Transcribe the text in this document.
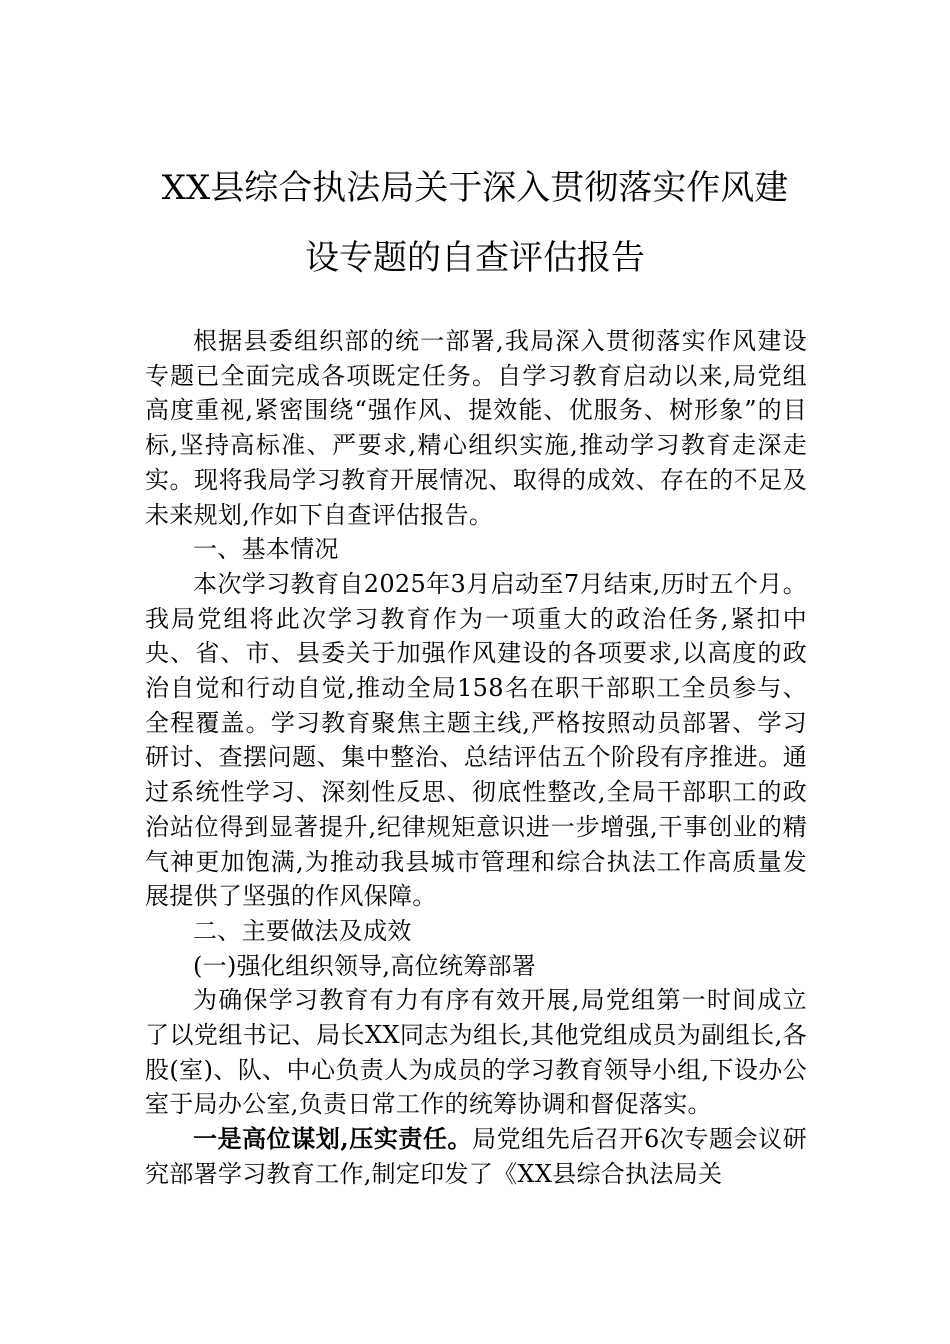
XX县综合执法局关于深入贯彻落实作风建
设专题的自查评估报告

根据县委组织部的统一部署,我局深入贯彻落实作风建设专题已全面完成各项既定任务。自学习教育启动以来,局党组高度重视,紧密围绕“强作风、提效能、优服务、树形象”的目标,坚持高标准、严要求,精心组织实施,推动学习教育走深走实。现将我局学习教育开展情况、取得的成效、存在的不足及未来规划,作如下自查评估报告。

一、基本情况

本次学习教育自2025年3月启动至7月结束,历时五个月。我局党组将此次学习教育作为一项重大的政治任务,紧扣中央、省、市、县委关于加强作风建设的各项要求,以高度的政治自觉和行动自觉,推动全局158名在职干部职工全员参与、全程覆盖。学习教育聚焦主题主线,严格按照动员部署、学习研讨、查摆问题、集中整治、总结评估五个阶段有序推进。通过系统性学习、深刻性反思、彻底性整改,全局干部职工的政治站位得到显著提升,纪律规矩意识进一步增强,干事创业的精气神更加饱满,为推动我县城市管理和综合执法工作高质量发展提供了坚强的作风保障。

二、主要做法及成效

(一)强化组织领导,高位统筹部署

为确保学习教育有力有序有效开展,局党组第一时间成立了以党组书记、局长XX同志为组长,其他党组成员为副组长,各股(室)、队、中心负责人为成员的学习教育领导小组,下设办公室于局办公室,负责日常工作的统筹协调和督促落实。

一是高位谋划,压实责任。局党组先后召开6次专题会议研究部署学习教育工作,制定印发了《XX县综合执法局关
